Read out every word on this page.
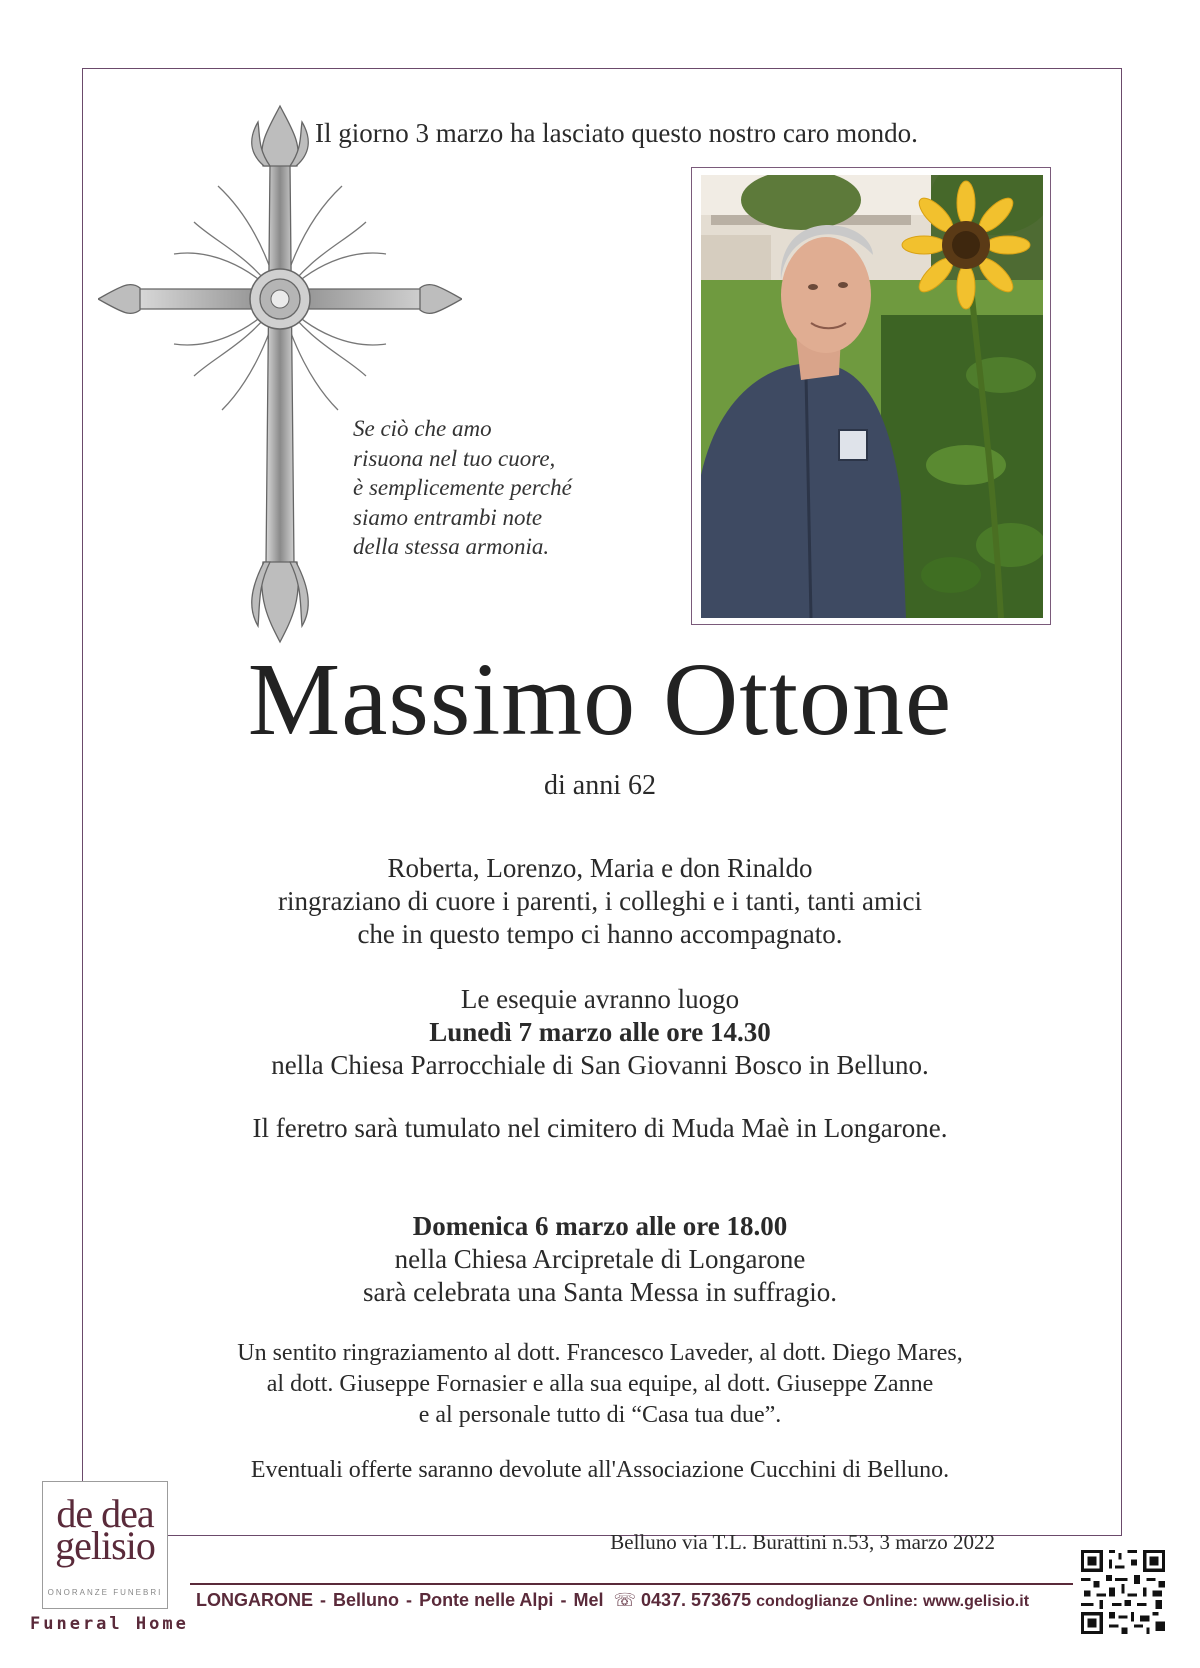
Il giorno 3 marzo ha lasciato questo nostro caro mondo.
Se ciò che amo
risuona nel tuo cuore,
è semplicemente perché
siamo entrambi note
della stessa armonia.
Massimo Ottone
di anni 62
Roberta, Lorenzo, Maria e don Rinaldo
ringraziano di cuore i parenti, i colleghi e i tanti, tanti amici
che in questo tempo ci hanno accompagnato.
Le esequie avranno luogo
Lunedì 7 marzo alle ore 14.30
nella Chiesa Parrocchiale di San Giovanni Bosco in Belluno.
Il feretro sarà tumulato nel cimitero di Muda Maè in Longarone.
Domenica 6 marzo alle ore 18.00
nella Chiesa Arcipretale di Longarone
sarà celebrata una Santa Messa in suffragio.
Un sentito ringraziamento al dott. Francesco Laveder, al dott. Diego Mares,
al dott. Giuseppe Fornasier e alla sua equipe, al dott. Giuseppe Zanne
e al personale tutto di “Casa tua due”.
Eventuali offerte saranno devolute all'Associazione Cucchini di Belluno.
Belluno via T.L. Burattini n.53, 3 marzo 2022
de dea
gelisio
ONORANZE FUNEBRI
Funeral Home
LONGARONE - Belluno - Ponte nelle Alpi - Mel  ☏ 0437. 573675 condoglianze Online: www.gelisio.it
